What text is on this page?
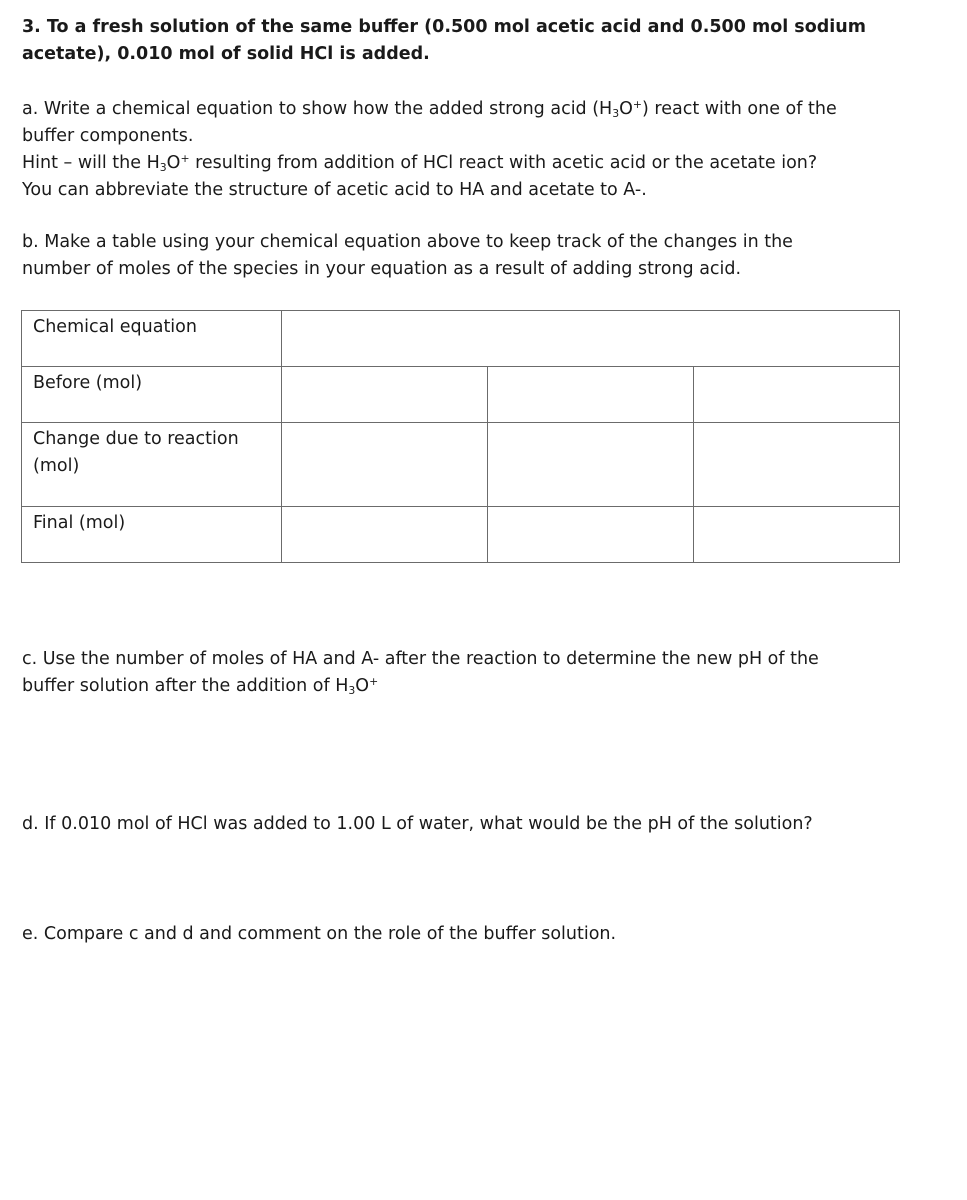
3. To a fresh solution of the same buffer (0.500 mol acetic acid and 0.500 mol sodium
acetate), 0.010 mol of solid HCl is added.
a. Write a chemical equation to show how the added strong acid $(H_3O^+)$ react with one of the
buffer components.
Hint – will the $H_3O^+$ resulting from addition of HCl react with acetic acid or the acetate ion?
You can abbreviate the structure of acetic acid to HA and acetate to A-.
b. Make a table using your chemical equation above to keep track of the changes in the
number of moles of the species in your equation as a result of adding strong acid.
Chemical equation			
Before (mol)			

Change due to reaction
(mol)			

Final (mol)			
c. Use the number of moles of HA and A- after the reaction to determine the new pH of the
buffer solution after the addition of $H_3O^+$
d. If 0.010 mol of HCl was added to 1.00 L of water, what would be the pH of the solution?
e. Compare c and d and comment on the role of the buffer solution.
